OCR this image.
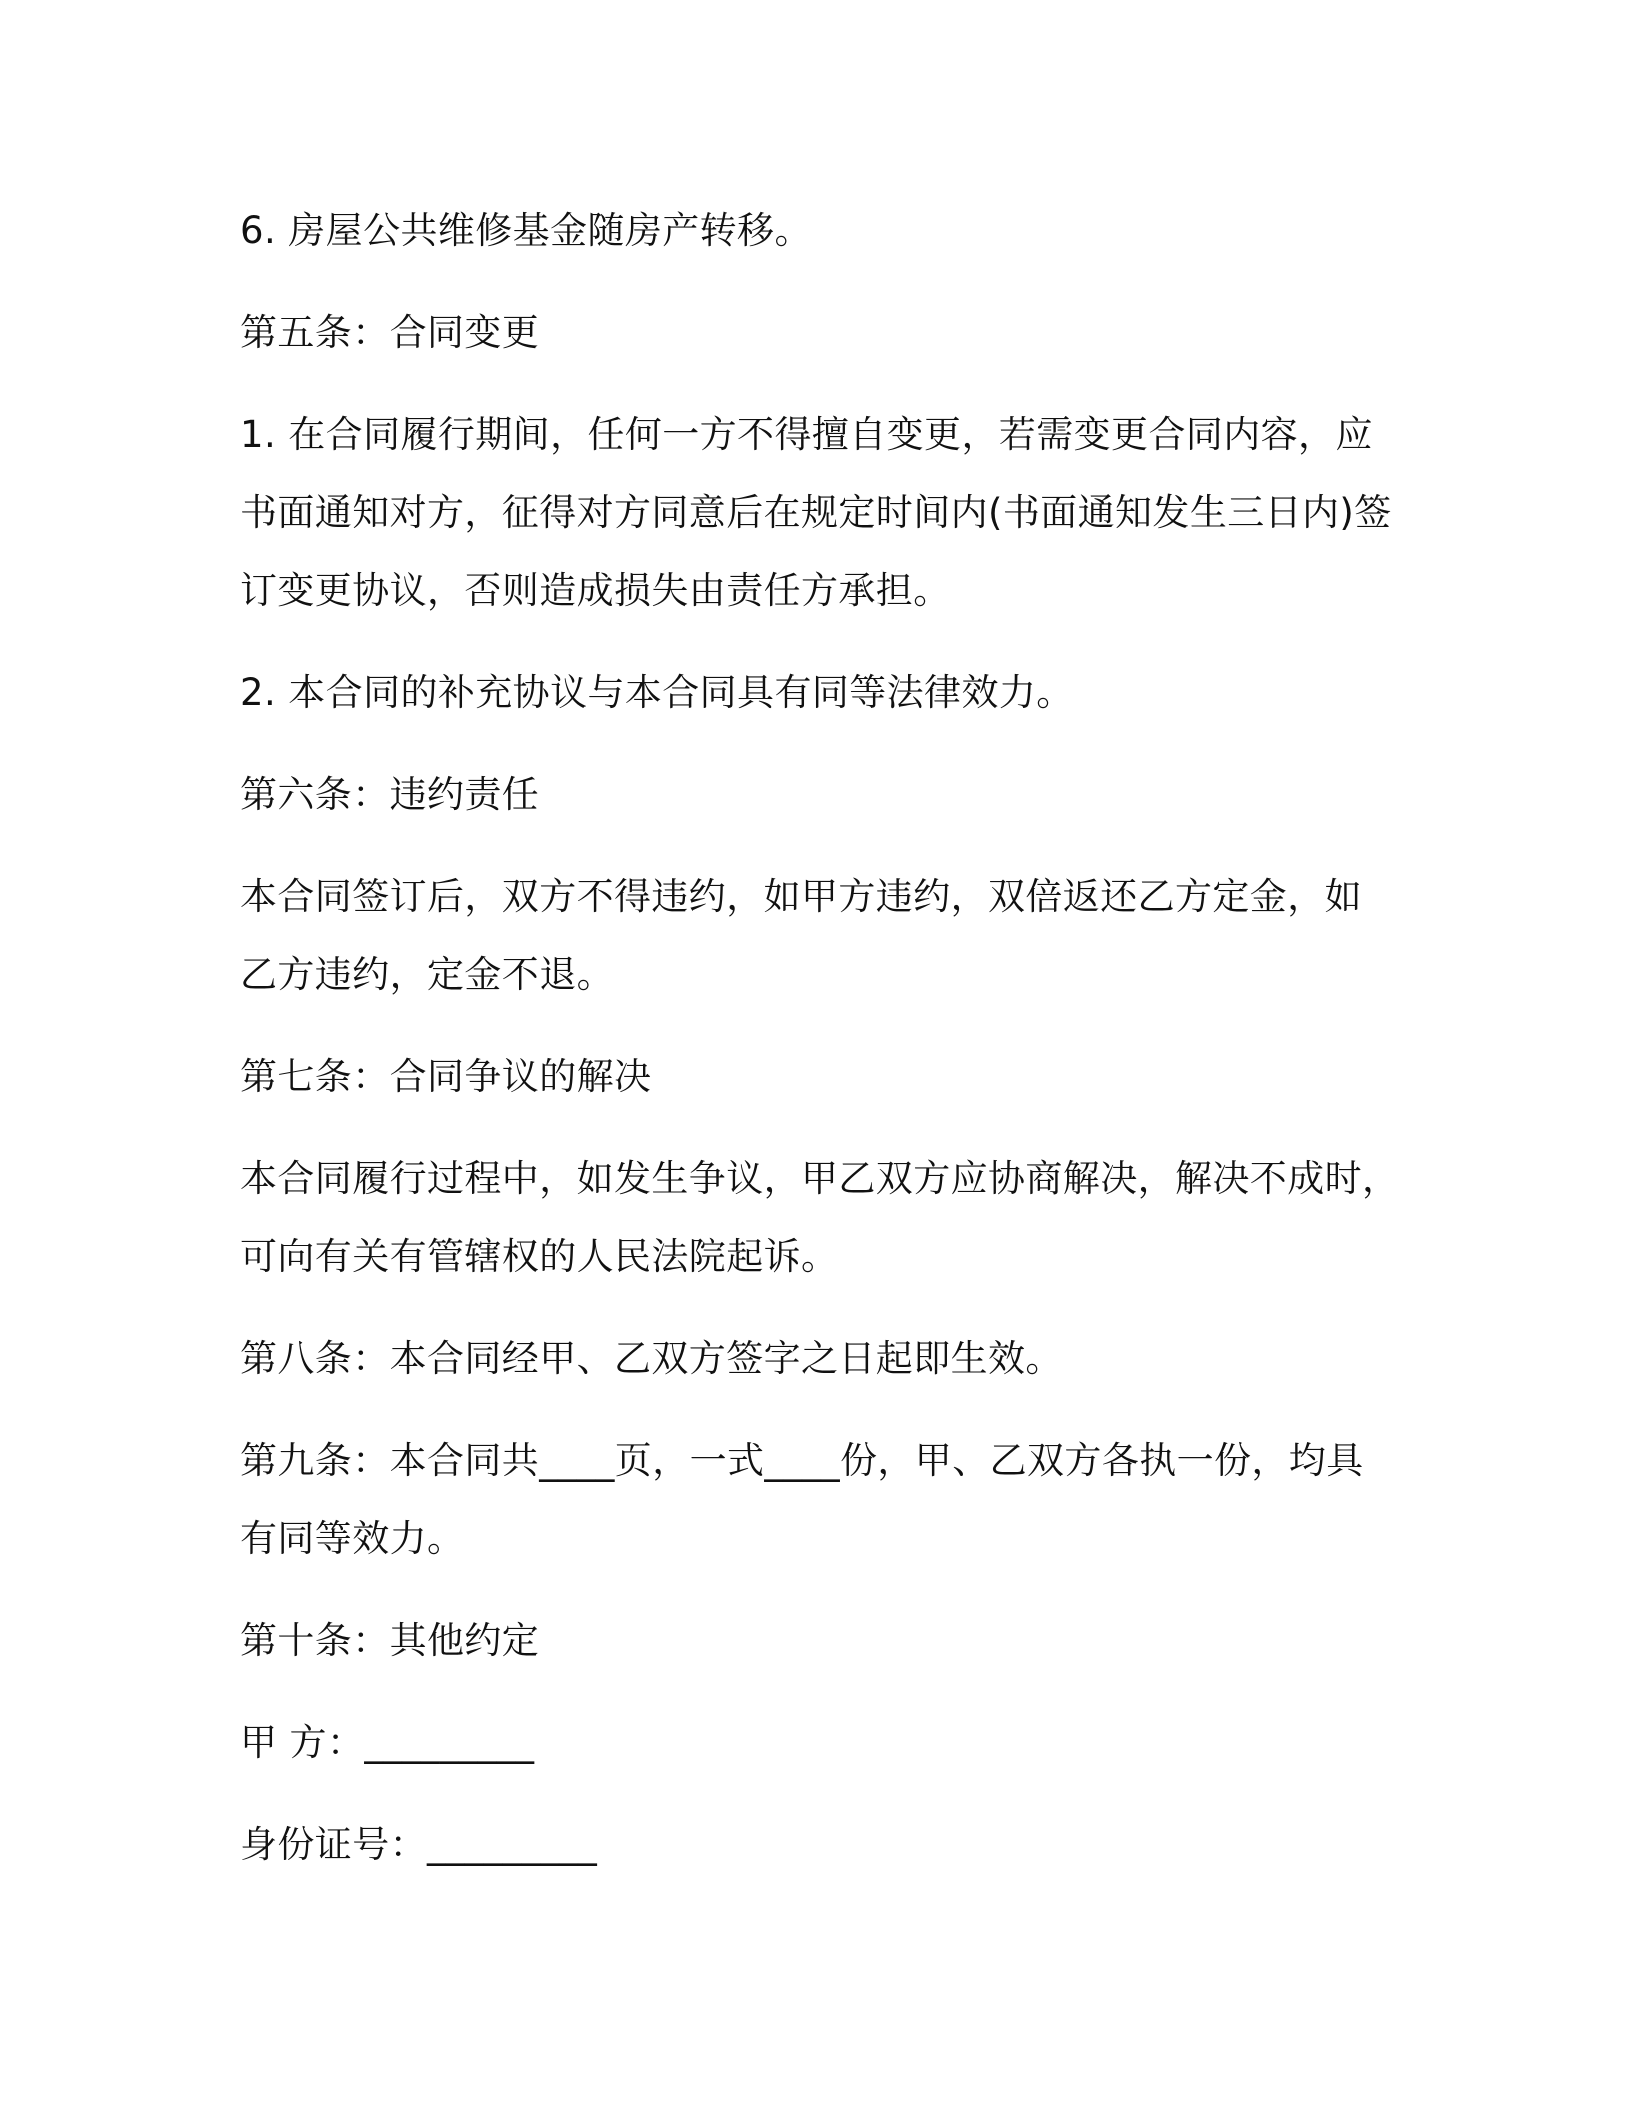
6. 房屋公共维修基金随房产转移。

第五条：合同变更

1. 在合同履行期间，任何一方不得擅自变更，若需变更合同内容，应
书面通知对方，征得对方同意后在规定时间内(书面通知发生三日内)签
订变更协议，否则造成损失由责任方承担。

2. 本合同的补充协议与本合同具有同等法律效力。

第六条：违约责任

本合同签订后，双方不得违约，如甲方违约，双倍返还乙方定金，如
乙方违约，定金不退。

第七条：合同争议的解决

本合同履行过程中，如发生争议，甲乙双方应协商解决，解决不成时，
可向有关有管辖权的人民法院起诉。

第八条：本合同经甲、乙双方签字之日起即生效。

第九条：本合同共____页，一式____份，甲、乙双方各执一份，均具
有同等效力。

第十条：其他约定

甲 方：_________

身份证号：_________
